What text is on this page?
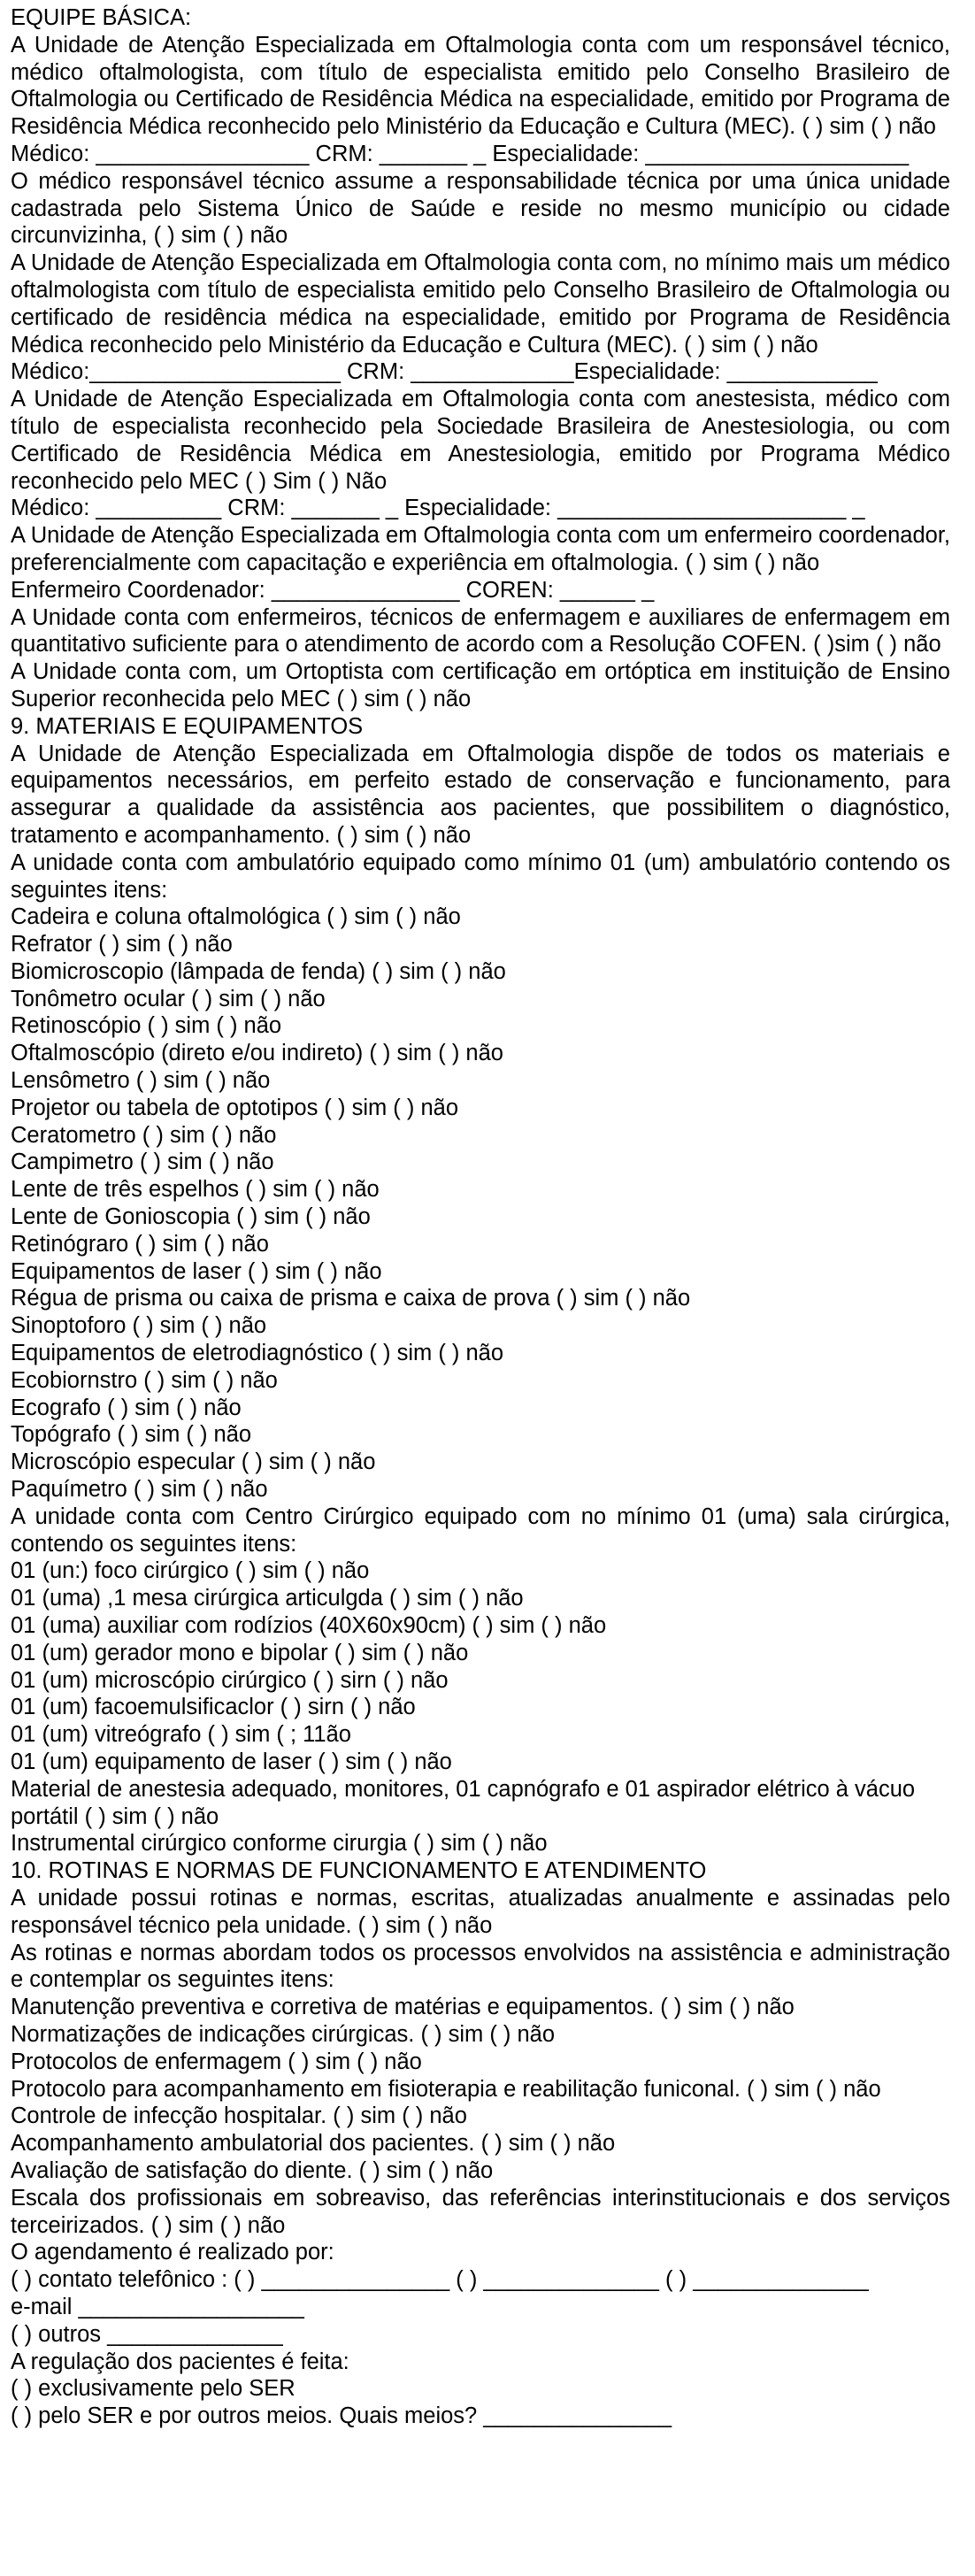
EQUIPE BÁSICA:

A Unidade de Atenção Especializada em Oftalmologia conta com um responsável técnico, médico oftalmologista, com título de especialista emitido pelo Conselho Brasileiro de Oftalmologia ou Certificado de Residência Médica na especialidade, emitido por Programa de Residência Médica reconhecido pelo Ministério da Educação e Cultura (MEC). ( ) sim ( ) não

Médico: _________________ CRM: _______ _ Especialidade: _____________________

O médico responsável técnico assume a responsabilidade técnica por uma única unidade cadastrada pelo Sistema Único de Saúde e reside no mesmo município ou cidade circunvizinha, ( ) sim ( ) não

A Unidade de Atenção Especializada em Oftalmologia conta com, no mínimo mais um médico oftalmologista com título de especialista emitido pelo Conselho Brasileiro de Oftalmologia ou certificado de residência médica na especialidade, emitido por Programa de Residência Médica reconhecido pelo Ministério da Educação e Cultura (MEC). ( ) sim ( ) não

Médico:____________________ CRM: _____________Especialidade: ____________

A Unidade de Atenção Especializada em Oftalmologia conta com anestesista, médico com título de especialista reconhecido pela Sociedade Brasileira de Anestesiologia, ou com Certificado de Residência Médica em Anestesiologia, emitido por Programa Médico reconhecido pelo MEC ( ) Sim ( ) Não

Médico: __________ CRM: _______ _ Especialidade: _______________________ _

A Unidade de Atenção Especializada em Oftalmologia conta com um enfermeiro coordenador, preferencialmente com capacitação e experiência em oftalmologia. ( ) sim ( ) não

Enfermeiro Coordenador: _______________ COREN: ______ _

A Unidade conta com enfermeiros, técnicos de enfermagem e auxiliares de enfermagem em quantitativo suficiente para o atendimento de acordo com a Resolução COFEN. ( )sim ( ) não

A Unidade conta com, um Ortoptista com certificação em ortóptica em instituição de Ensino Superior reconhecida pelo MEC ( ) sim ( ) não

9. MATERIAIS E EQUIPAMENTOS

A Unidade de Atenção Especializada em Oftalmologia dispõe de todos os materiais e equipamentos necessários, em perfeito estado de conservação e funcionamento, para assegurar a qualidade da assistência aos pacientes, que possibilitem o diagnóstico, tratamento e acompanhamento. ( ) sim ( ) não

A unidade conta com ambulatório equipado como mínimo 01 (um) ambulatório contendo os seguintes itens:

Cadeira e coluna oftalmológica ( ) sim ( ) não

Refrator ( ) sim ( ) não

Biomicroscopio (lâmpada de fenda) ( ) sim ( ) não

Tonômetro ocular ( ) sim ( ) não

Retinoscópio ( ) sim ( ) não

Oftalmoscópio (direto e/ou indireto) ( ) sim ( ) não

Lensômetro ( ) sim ( ) não

Projetor ou tabela de optotipos ( ) sim ( ) não

Ceratometro ( ) sim ( ) não

Campimetro ( ) sim ( ) não

Lente de três espelhos ( ) sim ( ) não

Lente de Gonioscopia ( ) sim ( ) não

Retinógraro ( ) sim ( ) não

Equipamentos de laser ( ) sim ( ) não

Régua de prisma ou caixa de prisma e caixa de prova ( ) sim ( ) não

Sinoptoforo ( ) sim ( ) não

Equipamentos de eletrodiagnóstico ( ) sim ( ) não

Ecobiornstro ( ) sim ( ) não

Ecografo ( ) sim ( ) não

Topógrafo ( ) sim ( ) não

Microscópio especular ( ) sim ( ) não

Paquímetro ( ) sim ( ) não

A unidade conta com Centro Cirúrgico equipado com no mínimo 01 (uma) sala cirúrgica, contendo os seguintes itens:

01 (un:) foco cirúrgico ( ) sim ( ) não

01 (uma) ,1 mesa cirúrgica articulgda ( ) sim ( ) não

01 (uma) auxiliar com rodízios (40X60x90cm) ( ) sim ( ) não

01 (um) gerador mono e bipolar ( ) sim ( ) não

01 (um) microscópio cirúrgico ( ) sirn ( ) não

01 (um) facoemulsificaclor ( ) sirn ( ) não

01 (um) vitreógrafo ( ) sim ( ; 11ão

01 (um) equipamento de laser ( ) sim ( ) não

Material de anestesia adequado, monitores, 01 capnógrafo e 01 aspirador elétrico à vácuo portátil ( ) sim ( ) não

Instrumental cirúrgico conforme cirurgia ( ) sim ( ) não

10. ROTINAS E NORMAS DE FUNCIONAMENTO E ATENDIMENTO

A unidade possui rotinas e normas, escritas, atualizadas anualmente e assinadas pelo responsável técnico pela unidade. ( ) sim ( ) não

As rotinas e normas abordam todos os processos envolvidos na assistência e administração e contemplar os seguintes itens:

Manutenção preventiva e corretiva de matérias e equipamentos. ( ) sim ( ) não

Normatizações de indicações cirúrgicas. ( ) sim ( ) não

Protocolos de enfermagem ( ) sim ( ) não

Protocolo para acompanhamento em fisioterapia e reabilitação funiconal. ( ) sim ( ) não

Controle de infecção hospitalar. ( ) sim ( ) não

Acompanhamento ambulatorial dos pacientes. ( ) sim ( ) não

Avaliação de satisfação do diente. ( ) sim ( ) não

Escala dos profissionais em sobreaviso, das referências interinstitucionais e dos serviços terceirizados. ( ) sim ( ) não

O agendamento é realizado por:

( ) contato telefônico : ( ) _______________ ( ) ______________ ( ) ______________

e-mail __________________

( ) outros ______________

A regulação dos pacientes é feita:

( ) exclusivamente pelo SER

( ) pelo SER e por outros meios. Quais meios? _______________
